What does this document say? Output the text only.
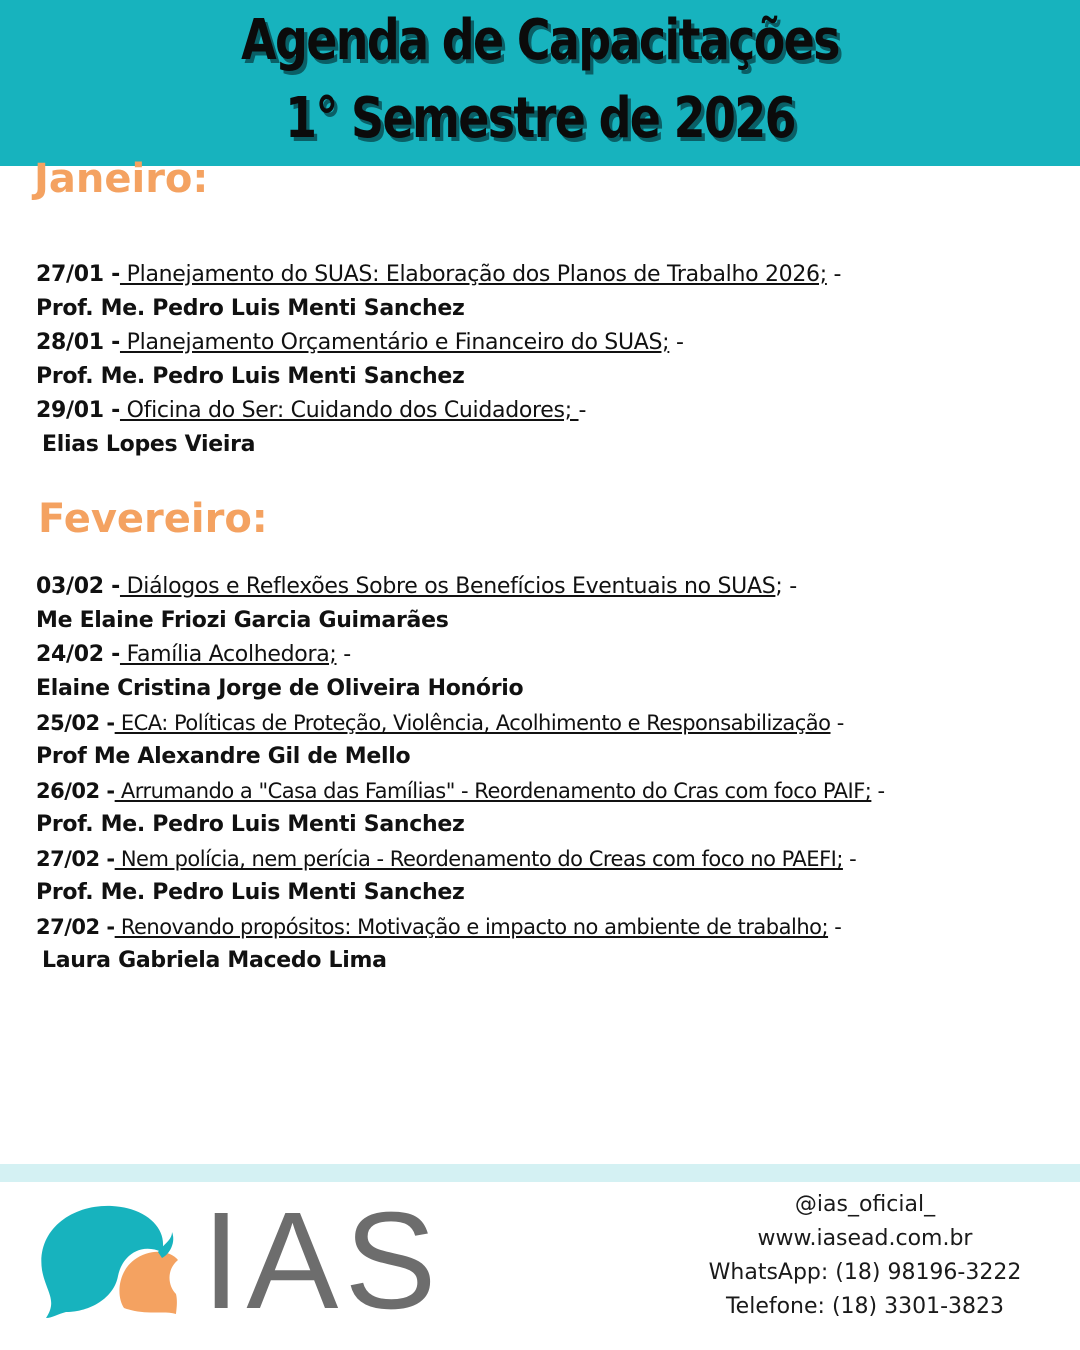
Agenda de Capacitações
1° Semestre de 2026
Janeiro:
27/01 - Planejamento do SUAS: Elaboração dos Planos de Trabalho 2026; -
Prof. Me. Pedro Luis Menti Sanchez
28/01 - Planejamento Orçamentário e Financeiro do SUAS; -
Prof. Me. Pedro Luis Menti Sanchez
29/01 - Oficina do Ser: Cuidando dos Cuidadores; -
Elias Lopes Vieira
Fevereiro:
03/02 - Diálogos e Reflexões Sobre os Benefícios Eventuais no SUAS; -
Me Elaine Friozi Garcia Guimarães
24/02 - Família Acolhedora; -
Elaine Cristina Jorge de Oliveira Honório
25/02 - ECA: Políticas de Proteção, Violência, Acolhimento e Responsabilização -
Prof Me Alexandre Gil de Mello
26/02 - Arrumando a "Casa das Famílias" - Reordenamento do Cras com foco PAIF; -
Prof. Me. Pedro Luis Menti Sanchez
27/02 - Nem polícia, nem perícia - Reordenamento do Creas com foco no PAEFI; -
Prof. Me. Pedro Luis Menti Sanchez
27/02 - Renovando propósitos: Motivação e impacto no ambiente de trabalho; -
Laura Gabriela Macedo Lima
IAS	@ias_oficial_
www.iasead.com.br
WhatsApp: (18) 98196-3222
Telefone: (18) 3301-3823
